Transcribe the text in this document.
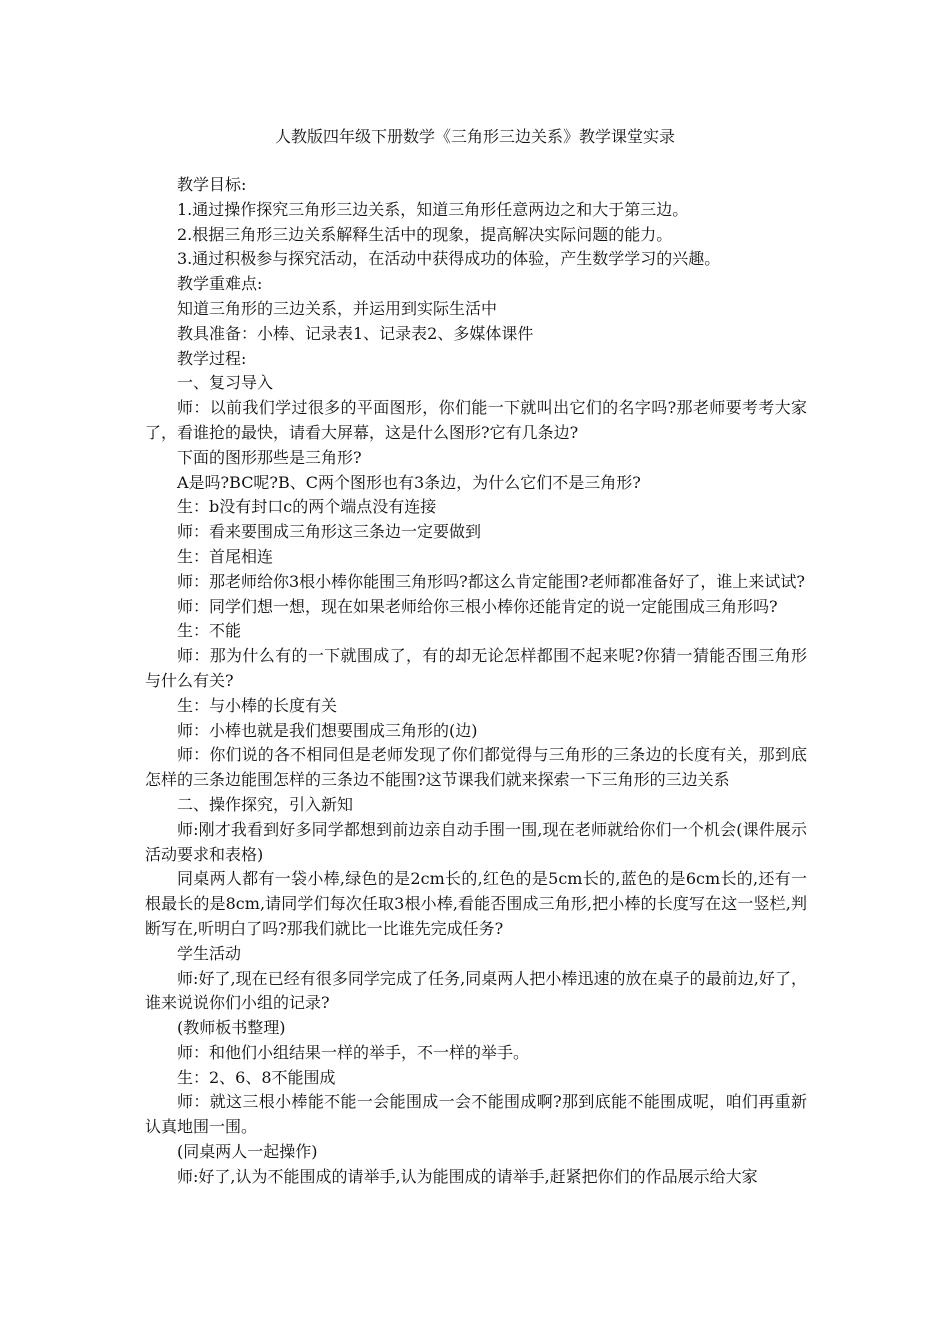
人教版四年级下册数学《三角形三边关系》教学课堂实录

教学目标:

1.通过操作探究三角形三边关系，知道三角形任意两边之和大于第三边。

2.根据三角形三边关系解释生活中的现象，提高解决实际问题的能力。

3.通过积极参与探究活动，在活动中获得成功的体验，产生数学学习的兴趣。

教学重难点:

知道三角形的三边关系，并运用到实际生活中

教具准备：小棒、记录表1、记录表2、多媒体课件

教学过程:

一、复习导入

师：以前我们学过很多的平面图形，你们能一下就叫出它们的名字吗?那老师要考考大家了，看谁抢的最快，请看大屏幕，这是什么图形?它有几条边?

下面的图形那些是三角形?

A是吗?BC呢?B、C两个图形也有3条边，为什么它们不是三角形?

生：b没有封口c的两个端点没有连接

师：看来要围成三角形这三条边一定要做到

生：首尾相连

师：那老师给你3根小棒你能围三角形吗?都这么肯定能围?老师都准备好了，谁上来试试?

师：同学们想一想，现在如果老师给你三根小棒你还能肯定的说一定能围成三角形吗?

生：不能

师：那为什么有的一下就围成了，有的却无论怎样都围不起来呢?你猜一猜能否围三角形与什么有关?

生：与小棒的长度有关

师：小棒也就是我们想要围成三角形的(边)

师：你们说的各不相同但是老师发现了你们都觉得与三角形的三条边的长度有关，那到底怎样的三条边能围怎样的三条边不能围?这节课我们就来探索一下三角形的三边关系

二、操作探究，引入新知

师:刚才我看到好多同学都想到前边亲自动手围一围,现在老师就给你们一个机会(课件展示活动要求和表格)

同桌两人都有一袋小棒,绿色的是2cm长的,红色的是5cm长的,蓝色的是6cm长的,还有一根最长的是8cm,请同学们每次任取3根小棒,看能否围成三角形,把小棒的长度写在这一竖栏,判断写在,听明白了吗?那我们就比一比谁先完成任务?

学生活动

师:好了,现在已经有很多同学完成了任务,同桌两人把小棒迅速的放在桌子的最前边,好了，谁来说说你们小组的记录?

(教师板书整理)

师：和他们小组结果一样的举手，不一样的举手。

生：2、6、8不能围成

师：就这三根小棒能不能一会能围成一会不能围成啊?那到底能不能围成呢，咱们再重新认真地围一围。

(同桌两人一起操作)

师:好了,认为不能围成的请举手,认为能围成的请举手,赶紧把你们的作品展示给大家
